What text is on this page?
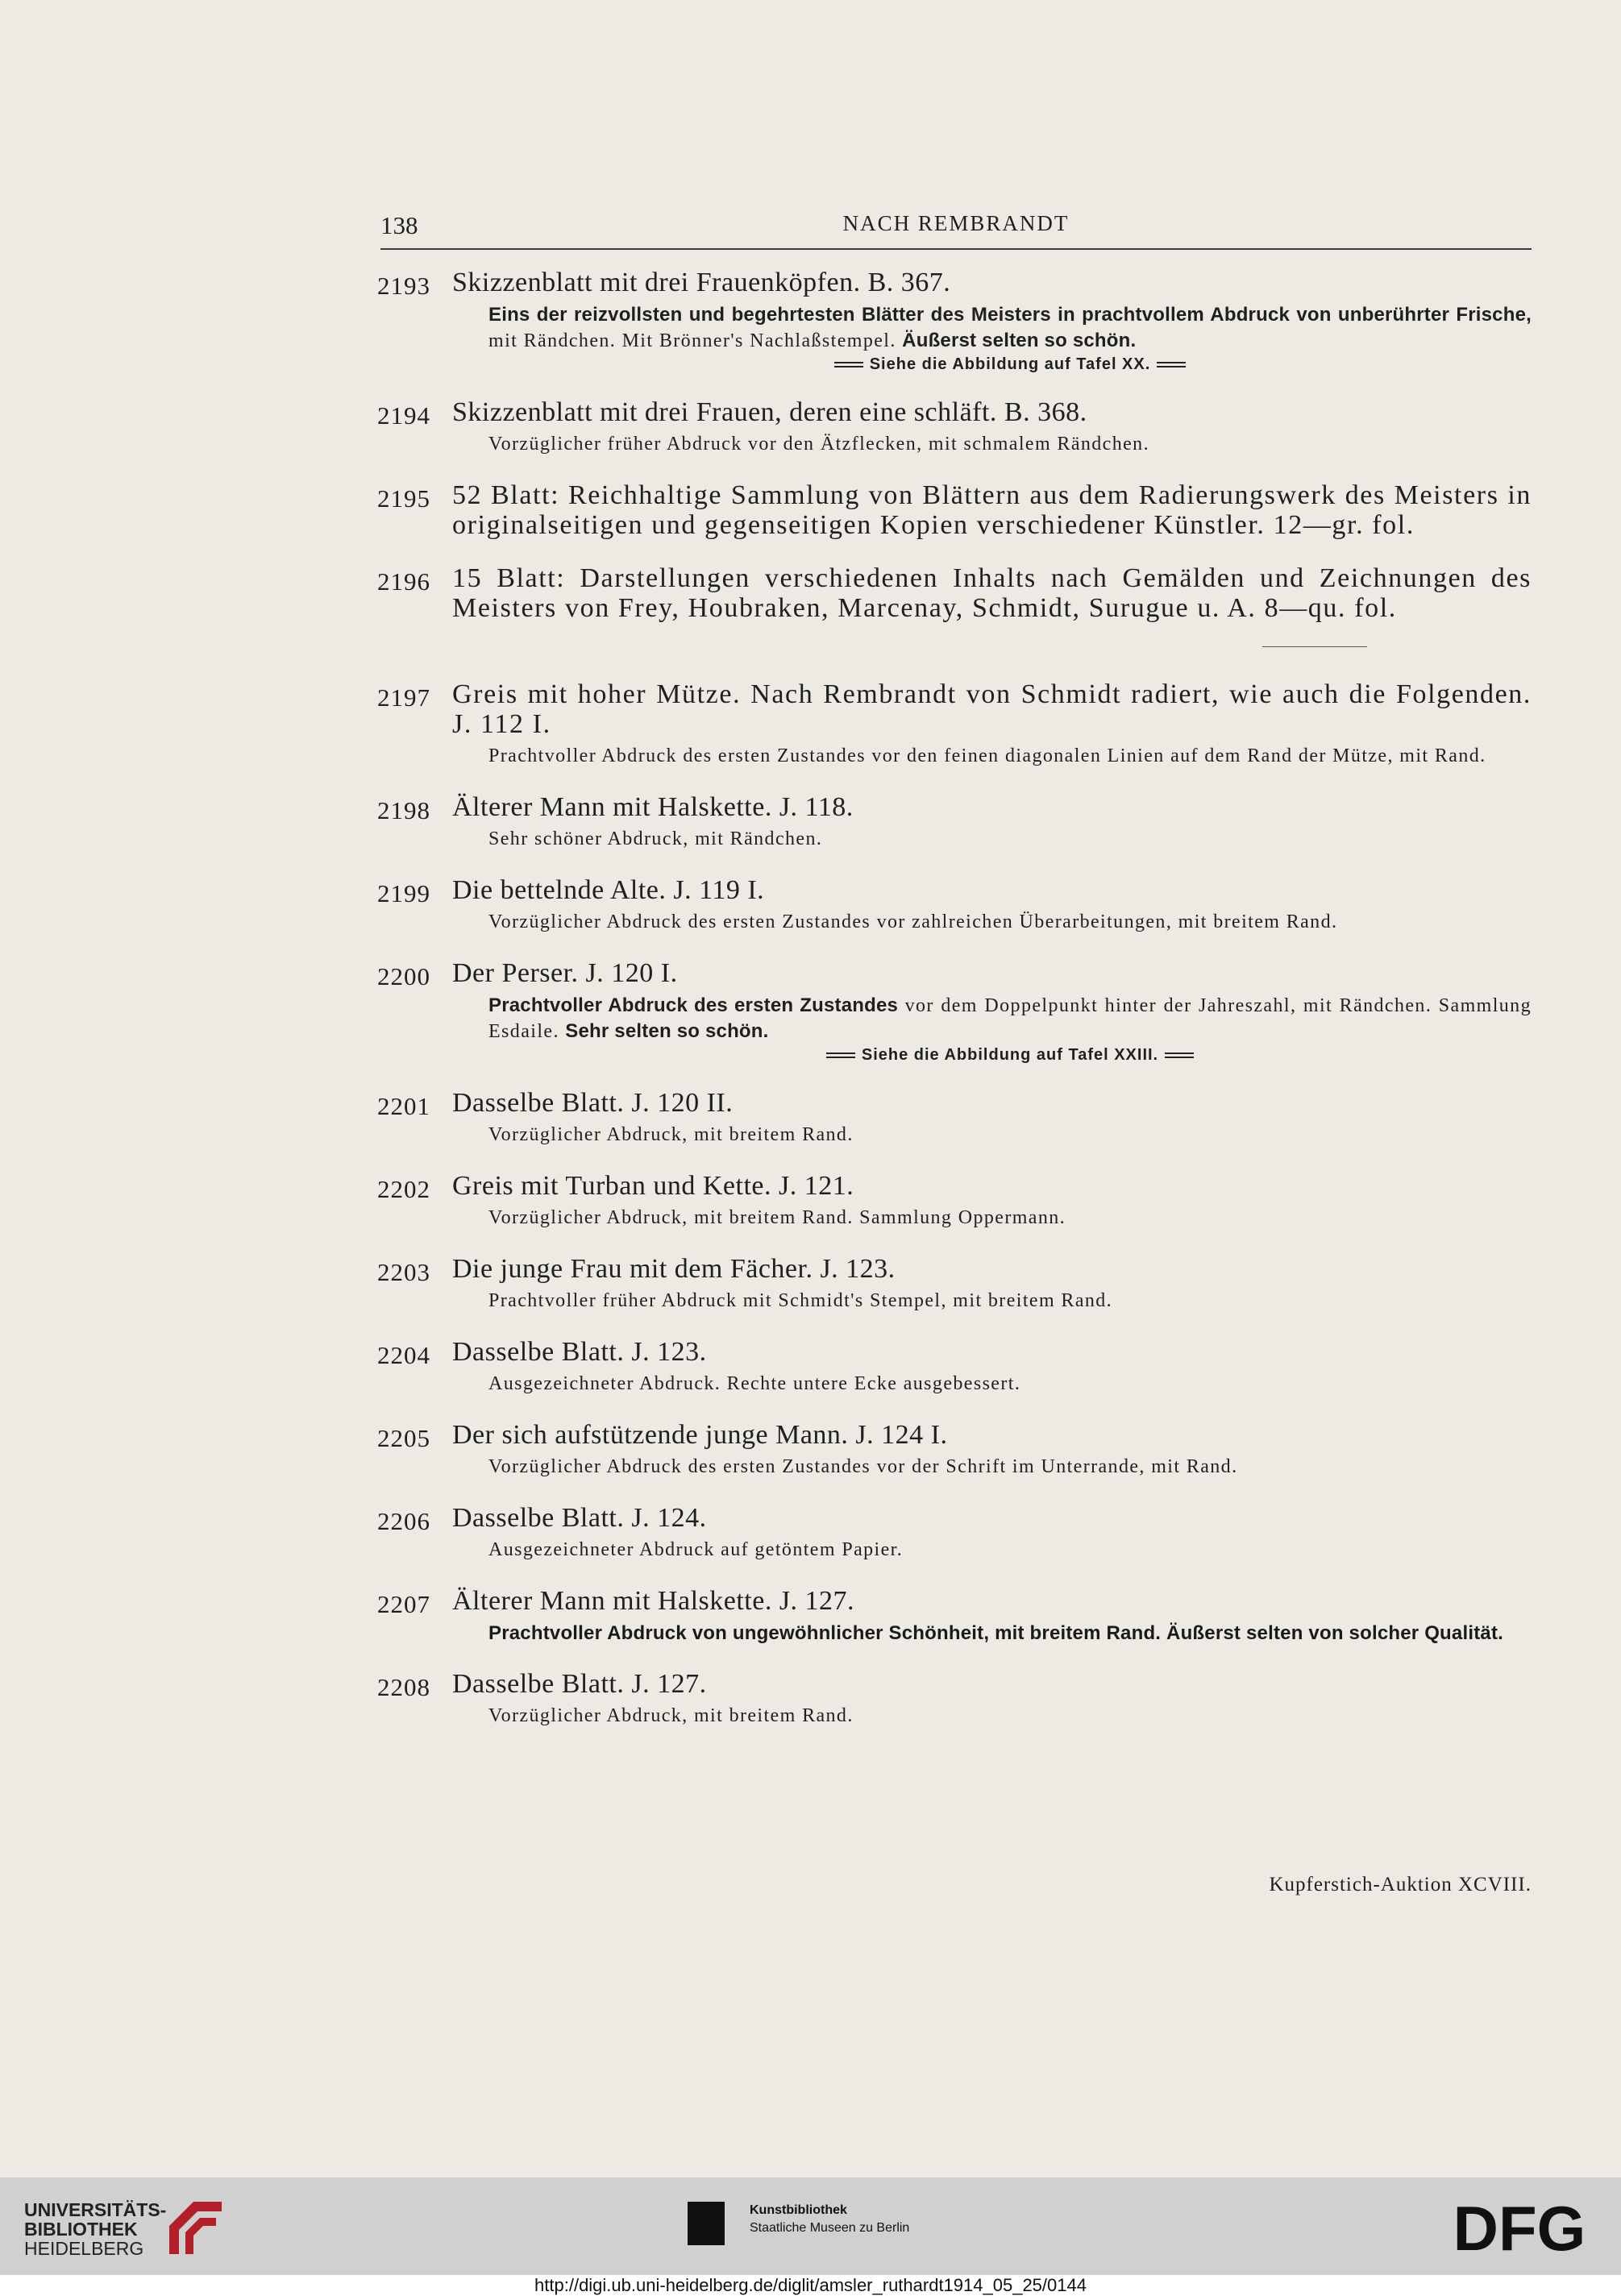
138	NACH REMBRANDT
2193 Skizzenblatt mit drei Frauenköpfen. B. 367.
Eins der reizvollsten und begehrtesten Blätter des Meisters in prachtvollem Abdruck von unberührter Frische, mit Rändchen. Mit Brönner's Nachlaßstempel. Äußerst selten so schön.
Siehe die Abbildung auf Tafel XX.
2194 Skizzenblatt mit drei Frauen, deren eine schläft. B. 368.
Vorzüglicher früher Abdruck vor den Ätzflecken, mit schmalem Rändchen.
2195 52 Blatt: Reichhaltige Sammlung von Blättern aus dem Radierungswerk des Meisters in originalseitigen und gegenseitigen Kopien verschiedener Künstler. 12—gr. fol.
2196 15 Blatt: Darstellungen verschiedenen Inhalts nach Gemälden und Zeichnungen des Meisters von Frey, Houbraken, Marcenay, Schmidt, Surugue u. A. 8—qu. fol.
2197 Greis mit hoher Mütze. Nach Rembrandt von Schmidt radiert, wie auch die Folgenden. J. 112 I.
Prachtvoller Abdruck des ersten Zustandes vor den feinen diagonalen Linien auf dem Rand der Mütze, mit Rand.
2198 Älterer Mann mit Halskette. J. 118.
Sehr schöner Abdruck, mit Rändchen.
2199 Die bettelnde Alte. J. 119 I.
Vorzüglicher Abdruck des ersten Zustandes vor zahlreichen Überarbeitungen, mit breitem Rand.
2200 Der Perser. J. 120 I.
Prachtvoller Abdruck des ersten Zustandes vor dem Doppelpunkt hinter der Jahreszahl, mit Rändchen. Sammlung Esdaile. Sehr selten so schön.
Siehe die Abbildung auf Tafel XXIII.
2201 Dasselbe Blatt. J. 120 II.
Vorzüglicher Abdruck, mit breitem Rand.
2202 Greis mit Turban und Kette. J. 121.
Vorzüglicher Abdruck, mit breitem Rand. Sammlung Oppermann.
2203 Die junge Frau mit dem Fächer. J. 123.
Prachtvoller früher Abdruck mit Schmidt's Stempel, mit breitem Rand.
2204 Dasselbe Blatt. J. 123.
Ausgezeichneter Abdruck. Rechte untere Ecke ausgebessert.
2205 Der sich aufstützende junge Mann. J. 124 I.
Vorzüglicher Abdruck des ersten Zustandes vor der Schrift im Unterrande, mit Rand.
2206 Dasselbe Blatt. J. 124.
Ausgezeichneter Abdruck auf getöntem Papier.
2207 Älterer Mann mit Halskette. J. 127.
Prachtvoller Abdruck von ungewöhnlicher Schönheit, mit breitem Rand. Äußerst selten von solcher Qualität.
2208 Dasselbe Blatt. J. 127.
Vorzüglicher Abdruck, mit breitem Rand.
Kupferstich-Auktion XCVIII.
UNIVERSITÄTS-
BIBLIOTHEK
HEIDELBERG
Kunstbibliothek
Staatliche Museen zu Berlin	DFG
http://digi.ub.uni-heidelberg.de/diglit/amsler_ruthardt1914_05_25/0144
